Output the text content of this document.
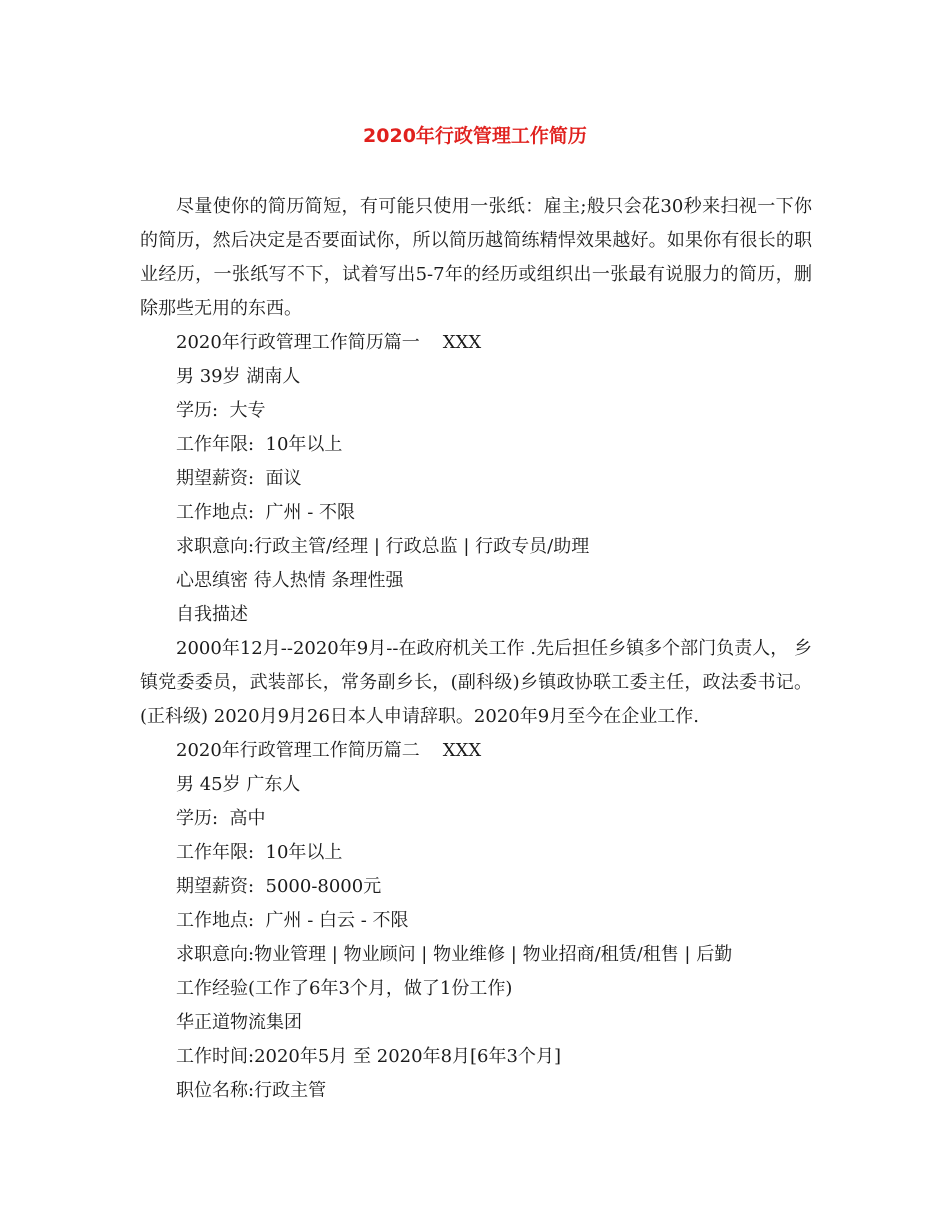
2020年行政管理工作简历

尽量使你的简历简短，有可能只使用一张纸：雇主;般只会花30秒来扫视一下你的简历，然后决定是否要面试你，所以简历越简练精悍效果越好。如果你有很长的职业经历，一张纸写不下，试着写出5-7年的经历或组织出一张最有说服力的简历，删除那些无用的东西。

2020年行政管理工作简历篇一    XXX

男 39岁 湖南人

学历:  大专

工作年限:  10年以上

期望薪资:  面议

工作地点:  广州 - 不限

求职意向:行政主管/经理 | 行政总监 | 行政专员/助理

心思缜密 待人热情 条理性强

自我描述

2000年12月--2020年9月--在政府机关工作 .先后担任乡镇多个部门负责人， 乡镇党委委员，武装部长，常务副乡长，(副科级)乡镇政协联工委主任，政法委书记。(正科级) 2020月9月26日本人申请辞职。2020年9月至今在企业工作.

2020年行政管理工作简历篇二    XXX

男 45岁 广东人

学历:  高中

工作年限:  10年以上

期望薪资:  5000-8000元

工作地点:  广州 - 白云 - 不限

求职意向:物业管理 | 物业顾问 | 物业维修 | 物业招商/租赁/租售 | 后勤

工作经验(工作了6年3个月，做了1份工作)

华正道物流集团

工作时间:2020年5月 至 2020年8月[6年3个月]

职位名称:行政主管
